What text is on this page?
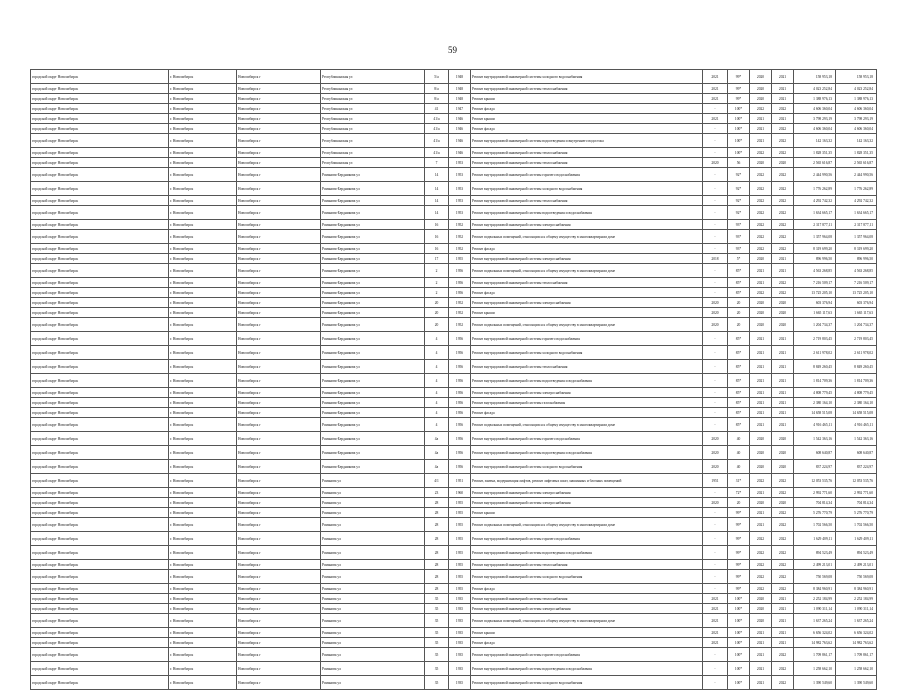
59
городской округ Новосибирск	г. Новосибирск	Новосибирск г	Республиканская ул	5/а	1948	Ремонт внутридомовой инженерной системы холодного водоснабжения	2021	99*	2020	2021	158 953,18	158 953,18
городской округ Новосибирск	г. Новосибирск	Новосибирск г	Республиканская ул	8/а	1948	Ремонт внутридомовой инженерной системы теплоснабжения	2021	99*	2020	2021	4 023 252,84	4 023 252,84
городской округ Новосибирск	г. Новосибирск	Новосибирск г	Республиканская ул	8/а	1948	Ремонт крыши	2021	99*	2020	2021	1 388 976,13	1 388 976,13
городской округ Новосибирск	г. Новосибирск	Новосибирск г	Республиканская ул	41	1947	Ремонт фасада	-	100*	2022	2022	4 606 360,04	4 606 360,04
городской округ Новосибирск	г. Новосибирск	Новосибирск г	Республиканская ул	41/а	1946	Ремонт крыши	2021	100*	2021	2021	3 798 293,19	3 798 293,19
городской округ Новосибирск	г. Новосибирск	Новосибирск г	Республиканская ул	41/а	1946	Ремонт фасада	-	100*	2021	2022	4 606 360,04	4 606 360,04
городской округ Новосибирск	г. Новосибирск	Новосибирск г	Республиканская ул	41/а	1946	Ремонт внутридомовой инженерной системы водоотведения и внутреннего водостока	-	100*	2021	2022	142 163,32	142 163,32
городской округ Новосибирск	г. Новосибирск	Новосибирск г	Республиканская ул	41/а	1946	Ремонт внутридомовой инженерной системы теплоснабжения	-	100*	2022	2022	1 828 351,35	1 828 351,35
городской округ Новосибирск	г. Новосибирск	Новосибирск г	Республиканская ул	7	1953	Ремонт внутридомовой инженерной системы теплоснабжения	2020	56	2020	2020	2 565 616,87	2 565 616,87
городской округ Новосибирск	г. Новосибирск	Новосибирск г	Романова-Бердникова ул	14	1953	Ремонт внутридомовой инженерной системы горячего водоснабжения	-	92*	2022	2022	2 444 990,56	2 444 990,56
городской округ Новосибирск	г. Новосибирск	Новосибирск г	Романова-Бердникова ул	14	1953	Ремонт внутридомовой инженерной системы холодного водоснабжения	-	92*	2022	2022	1 776 262,89	1 776 262,89
городской округ Новосибирск	г. Новосибирск	Новосибирск г	Романова-Бердникова ул	14	1953	Ремонт внутридомовой инженерной системы теплоснабжения	-	92*	2022	2022	4 292 742,32	4 292 742,32
городской округ Новосибирск	г. Новосибирск	Новосибирск г	Романова-Бердникова ул	14	1953	Ремонт внутридомовой инженерной системы водоотведения и водоснабжения	-	92*	2022	2022	1 634 665,17	1 634 665,17
городской округ Новосибирск	г. Новосибирск	Новосибирск г	Романова-Бердникова ул	16	1952	Ремонт внутридомовой инженерной системы электроснабжения	-	93*	2022	2022	2 317 877,11	2 317 877,11
городской округ Новосибирск	г. Новосибирск	Новосибирск г	Романова-Бердникова ул	16	1952	Ремонт подвальных помещений, относящихся к общему имуществу в многоквартирном доме	-	93*	2022	2022	1 357 964,08	1 357 964,08
городской округ Новосибирск	г. Новосибирск	Новосибирск г	Романова-Бердникова ул	16	1952	Ремонт фасада	-	93*	2022	2022	8 319 699,20	8 319 699,20
городской округ Новосибирск	г. Новосибирск	Новосибирск г	Романова-Бердникова ул	17	1955	Ремонт внутридомовой инженерной системы электроснабжения	2018	5*	2020	2021	896 996,50	896 996,50
городской округ Новосибирск	г. Новосибирск	Новосибирск г	Романова-Бердникова ул	2	1956	Ремонт подвальных помещений, относящихся к общему имуществу в многоквартирном доме	-	85*	2021	2021	4 563 268,85	4 563 268,85
городской округ Новосибирск	г. Новосибирск	Новосибирск г	Романова-Бердникова ул	2	1956	Ремонт внутридомовой инженерной системы теплоснабжения	-	85*	2021	2022	7 216 509,17	7 216 509,17
городской округ Новосибирск	г. Новосибирск	Новосибирск г	Романова-Бердникова ул	2	1956	Ремонт фасада	-	85*	2022	2022	13 725 205,10	13 725 205,10
городской округ Новосибирск	г. Новосибирск	Новосибирск г	Романова-Бердникова ул	20	1952	Ремонт внутридомовой инженерной системы электроснабжения	2020	20	2020	2020	603 376,94	603 376,94
городской округ Новосибирск	г. Новосибирск	Новосибирск г	Романова-Бердникова ул	20	1952	Ремонт крыши	2020	20	2020	2020	1 665 117,63	1 665 117,63
городской округ Новосибирск	г. Новосибирск	Новосибирск г	Романова-Бердникова ул	20	1952	Ремонт подвальных помещений, относящихся к общему имуществу в многоквартирном доме	2020	20	2020	2020	1 204 734,37	1 204 734,37
городской округ Новосибирск	г. Новосибирск	Новосибирск г	Романова-Бердникова ул	4	1956	Ремонт внутридомовой инженерной системы горячего водоснабжения	-	85*	2021	2021	2 719 803,45	2 719 803,45
городской округ Новосибирск	г. Новосибирск	Новосибирск г	Романова-Бердникова ул	4	1956	Ремонт внутридомовой инженерной системы холодного водоснабжения	-	85*	2021	2021	2 611 978,02	2 611 978,02
городской округ Новосибирск	г. Новосибирск	Новосибирск г	Романова-Бердникова ул	4	1956	Ремонт внутридомовой инженерной системы теплоснабжения	-	85*	2021	2021	8 849 260,45	8 849 260,45
городской округ Новосибирск	г. Новосибирск	Новосибирск г	Романова-Бердникова ул	4	1956	Ремонт внутридомовой инженерной системы водоотведения и водоснабжения	-	85*	2021	2021	1 814 709,36	1 814 709,36
городской округ Новосибирск	г. Новосибирск	Новосибирск г	Романова-Бердникова ул	4	1956	Ремонт внутридомовой инженерной системы электроснабжения	-	85*	2021	2021	4 808 779,45	4 808 779,45
городской округ Новосибирск	г. Новосибирск	Новосибирск г	Романова-Бердникова ул	4	1956	Ремонт внутридомовой инженерной системы газоснабжения	-	85*	2021	2021	2 380 164,10	2 380 164,10
городской округ Новосибирск	г. Новосибирск	Новосибирск г	Романова-Бердникова ул	4	1956	Ремонт фасада	-	85*	2021	2021	14 658 515,08	14 658 515,08
городской округ Новосибирск	г. Новосибирск	Новосибирск г	Романова-Бердникова ул	4	1956	Ремонт подвальных помещений, относящихся к общему имуществу в многоквартирном доме	-	85*	2021	2021	4 916 465,11	4 916 465,11
городской округ Новосибирск	г. Новосибирск	Новосибирск г	Романова-Бердникова ул	4а	1956	Ремонт внутридомовой инженерной системы горячего водоснабжения	2020	40	2020	2020	1 542 363,16	1 542 363,16
городской округ Новосибирск	г. Новосибирск	Новосибирск г	Романова-Бердникова ул	4а	1956	Ремонт внутридомовой инженерной системы водоотведения и водоснабжения	2020	40	2020	2020	608 640,87	608 640,87
городской округ Новосибирск	г. Новосибирск	Новосибирск г	Романова-Бердникова ул	4а	1956	Ремонт внутридомовой инженерной системы холодного водоснабжения	2020	40	2020	2020	837 224,97	837 224,97
городской округ Новосибирск	г. Новосибирск	Новосибирск г	Романова ул	4/1	1951	Ремонт, замена, модернизация лифтов, ремонт лифтовых шахт, машинных и блочных помещений	1951	31*	2022	2022	12 053 535,76	12 053 535,76
городской округ Новосибирск	г. Новосибирск	Новосибирск г	Романова ул	23	1960	Ремонт внутридомовой инженерной системы электроснабжения	-	72*	2021	2022	2 992 771,60	2 992 771,60
городской округ Новосибирск	г. Новосибирск	Новосибирск г	Романова ул	28	1955	Ремонт внутридомовой инженерной системы электроснабжения	2020	20	2020	2020	704 814,34	704 814,34
городской округ Новосибирск	г. Новосибирск	Новосибирск г	Романова ул	28	1955	Ремонт крыши	-	99*	2021	2022	5 276 770,79	5 276 770,79
городской округ Новосибирск	г. Новосибирск	Новосибирск г	Романова ул	28	1955	Ремонт подвальных помещений, относящихся к общему имуществу в многоквартирном доме	-	99*	2021	2022	1 702 566,50	1 702 566,50
городской округ Новосибирск	г. Новосибирск	Новосибирск г	Романова ул	28	1955	Ремонт внутридомовой инженерной системы горячего водоснабжения	-	99*	2022	2022	1 629 409,11	1 629 409,11
городской округ Новосибирск	г. Новосибирск	Новосибирск г	Романова ул	28	1955	Ремонт внутридомовой инженерной системы водоотведения и водоснабжения	-	99*	2022	2022	894 523,49	894 523,49
городской округ Новосибирск	г. Новосибирск	Новосибирск г	Романова ул	28	1955	Ремонт внутридомовой инженерной системы теплоснабжения	-	99*	2022	2022	2 499 213,01	2 499 213,01
городской округ Новосибирск	г. Новосибирск	Новосибирск г	Романова ул	28	1955	Ремонт внутридомовой инженерной системы холодного водоснабжения	-	99*	2022	2022	750 569,08	750 569,08
городской округ Новосибирск	г. Новосибирск	Новосибирск г	Романова ул	28	1955	Ремонт фасада	-	99*	2022	2022	8 384 960,91	8 384 960,91
городской округ Новосибирск	г. Новосибирск	Новосибирск г	Романова ул	35	1935	Ремонт внутридомовой инженерной системы теплоснабжения	2021	100*	2020	2021	2 252 184,99	2 252 184,99
городской округ Новосибирск	г. Новосибирск	Новосибирск г	Романова ул	35	1935	Ремонт внутридомовой инженерной системы электроснабжения	2021	100*	2020	2021	1 090 311,14	1 090 311,14
городской округ Новосибирск	г. Новосибирск	Новосибирск г	Романова ул	35	1935	Ремонт подвальных помещений, относящихся к общему имуществу в многоквартирном доме	2021	100*	2020	2021	1 637 265,24	1 637 265,24
городской округ Новосибирск	г. Новосибирск	Новосибирск г	Романова ул	35	1935	Ремонт крыши	2021	100*	2021	2021	6 656 324,02	6 656 324,02
городской округ Новосибирск	г. Новосибирск	Новосибирск г	Романова ул	35	1935	Ремонт фасада	2021	100*	2021	2021	14 982 763,62	14 982 763,62
городской округ Новосибирск	г. Новосибирск	Новосибирск г	Романова ул	35	1935	Ремонт внутридомовой инженерной системы горячего водоснабжения	-	100*	2021	2022	1 709 861,17	1 709 861,17
городской округ Новосибирск	г. Новосибирск	Новосибирск г	Романова ул	35	1935	Ремонт внутридомовой инженерной системы водоотведения и водоснабжения	-	100*	2021	2022	1 258 662,10	1 258 662,10
городской округ Новосибирск	г. Новосибирск	Новосибирск г	Романова ул	35	1935	Ремонт внутридомовой инженерной системы холодного водоснабжения	-	100*	2021	2022	1 390 549,60	1 390 549,60
